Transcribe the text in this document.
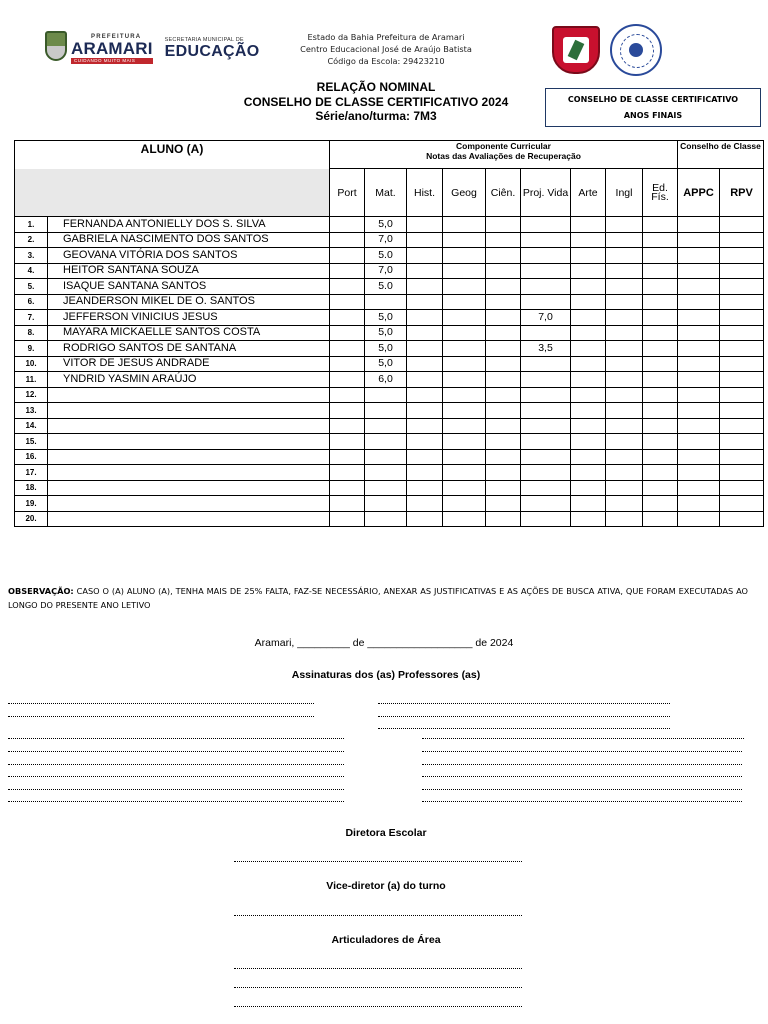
PREFEITURA
ARAMARI
CUIDANDO MUITO MAIS
SECRETARIA MUNICIPAL DE
EDUCAÇÃO
Estado da Bahia Prefeitura de Aramari
Centro Educacional José de Araújo Batista
Código da Escola: 29423210
RELAÇÃO NOMINAL
CONSELHO DE CLASSE CERTIFICATIVO 2024
Série/ano/turma: 7M3
CONSELHO DE CLASSE CERTIFICATIVO
ANOS FINAIS
ALUNO (A)		Componente Curricular
Notas das Avaliações de Recuperação									Conselho de Classe	
		Port	Mat.	Hist.	Geog	Ciên.	Proj. Vida	Arte	Ingl	Ed. Fís.	APPC	RPV
1.	FERNANDA ANTONIELLY DOS S. SILVA		5,0									
2.	GABRIELA NASCIMENTO DOS SANTOS		7,0									
3.	GEOVANA VITÓRIA DOS SANTOS		5.0									
4.	HEITOR SANTANA SOUZA		7,0									
5.	ISAQUE SANTANA SANTOS		5.0									
6.	JEANDERSON MIKEL DE O. SANTOS											
7.	JEFFERSON VINICIUS JESUS		5,0				7,0					
8.	MAYARA MICKAELLE SANTOS COSTA		5,0									
9.	RODRIGO SANTOS DE SANTANA		5,0				3,5					
10.	VITOR DE JESUS ANDRADE		5,0									
11.	YNDRID YASMIN ARAÚJO		6,0									
12.												
13.												
14.												
15.												
16.												
17.												
18.												
19.												
20.												
OBSERVAÇÃO: CASO O (A) ALUNO (A), TENHA MAIS DE 25% FALTA, FAZ-SE NECESSÁRIO, ANEXAR AS JUSTIFICATIVAS E AS AÇÕES DE BUSCA ATIVA, QUE FORAM EXECUTADAS AO LONGO DO PRESENTE ANO LETIVO
Aramari, _________ de __________________ de 2024
Assinaturas dos (as) Professores (as)
Diretora Escolar
Vice-diretor (a) do turno
Articuladores de Área
